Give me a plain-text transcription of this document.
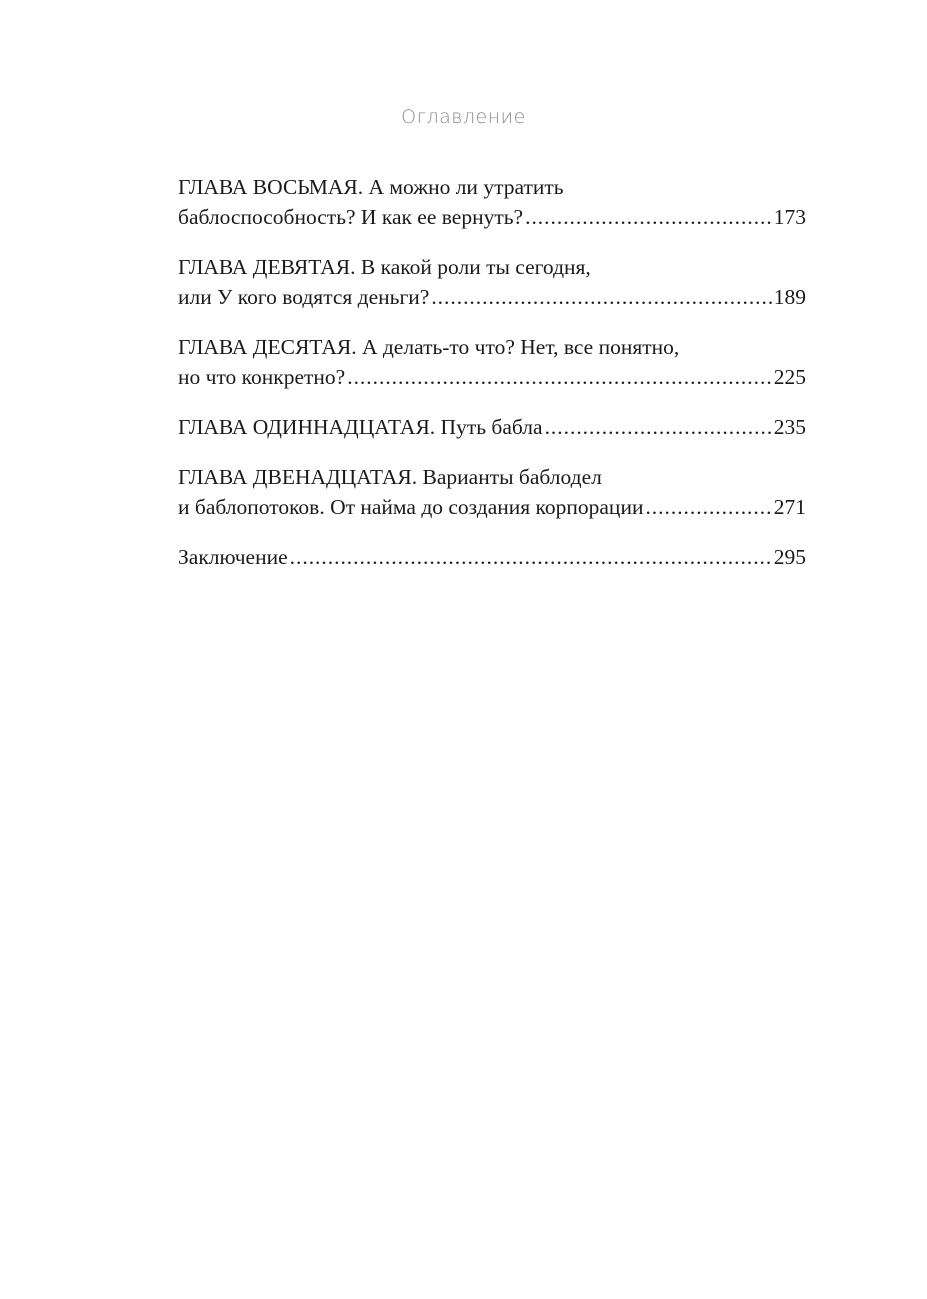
Оглавление
ГЛАВА ВОСЬМАЯ. А можно ли утратить
баблоспособность? И как ее вернуть? . . .	173
ГЛАВА ДЕВЯТАЯ. В какой роли ты сегодня,
или У кого водятся деньги? . . .	189
ГЛАВА ДЕСЯТАЯ. А делать-то что? Нет, все понятно,
но что конкретно? . . .	225
ГЛАВА ОДИННАДЦАТАЯ. Путь бабла . . .	235
ГЛАВА ДВЕНАДЦАТАЯ. Варианты баблодел
и баблопотоков. От найма до создания корпорации . . .	271
Заключение . . .	295
